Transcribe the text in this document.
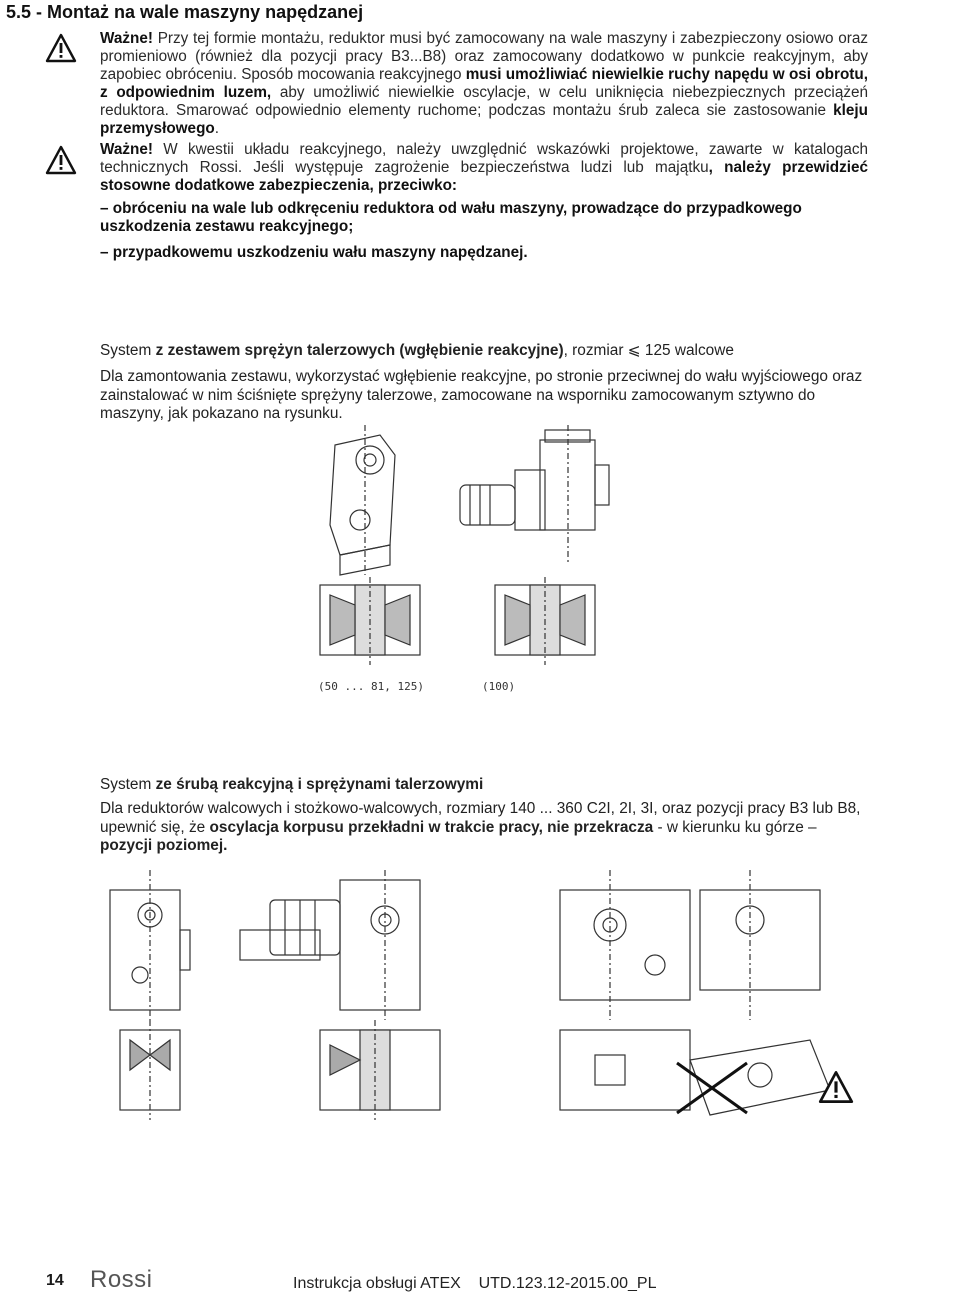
5.5 - Montaż na wale maszyny napędzanej
Ważne! Przy tej formie montażu, reduktor musi być zamocowany na wale maszyny i zabezpieczony osiowo oraz promieniowo (również dla pozycji pracy B3...B8) oraz zamocowany dodatkowo w punkcie reakcyjnym, aby zapobiec obróceniu. Sposób mocowania reakcyjnego musi umożliwiać niewielkie ruchy napędu w osi obrotu, z odpowiednim luzem, aby umożliwić niewielkie oscylacje, w celu uniknięcia niebezpiecznych przeciążeń reduktora. Smarować odpowiednio elementy ruchome; podczas montażu śrub zaleca sie zastosowanie kleju przemysłowego.
Ważne! W kwestii układu reakcyjnego, należy uwzględnić wskazówki projektowe, zawarte w katalogach technicznych Rossi. Jeśli występuje zagrożenie bezpieczeństwa ludzi lub majątku, należy przewidzieć stosowne dodatkowe zabezpieczenia, przeciwko:
– obróceniu na wale lub odkręceniu reduktora od wału maszyny, prowadzące do przypadkowego uszkodzenia zestawu reakcyjnego;
– przypadkowemu uszkodzeniu wału maszyny napędzanej.
System z zestawem sprężyn talerzowych (wgłębienie reakcyjne), rozmiar ⩽ 125 walcowe
Dla zamontowania zestawu, wykorzystać wgłębienie reakcyjne, po stronie przeciwnej do wału wyjściowego oraz zainstalować w nim ściśnięte sprężyny talerzowe, zamocowane na wsporniku zamocowanym sztywno do maszyny, jak pokazano na rysunku.
(50 ... 81, 125)	(100)
System ze śrubą reakcyjną i sprężynami talerzowymi
Dla reduktorów walcowych i stożkowo-walcowych, rozmiary 140 ... 360 C2I, 2I, 3I, oraz pozycji pracy B3 lub B8, upewnić się, że oscylacja korpusu przekładni w trakcie pracy, nie przekracza - w kierunku ku górze – pozycji poziomej.
14 Rossi	Instrukcja obsługi ATEX    UTD.123.12-2015.00_PL
